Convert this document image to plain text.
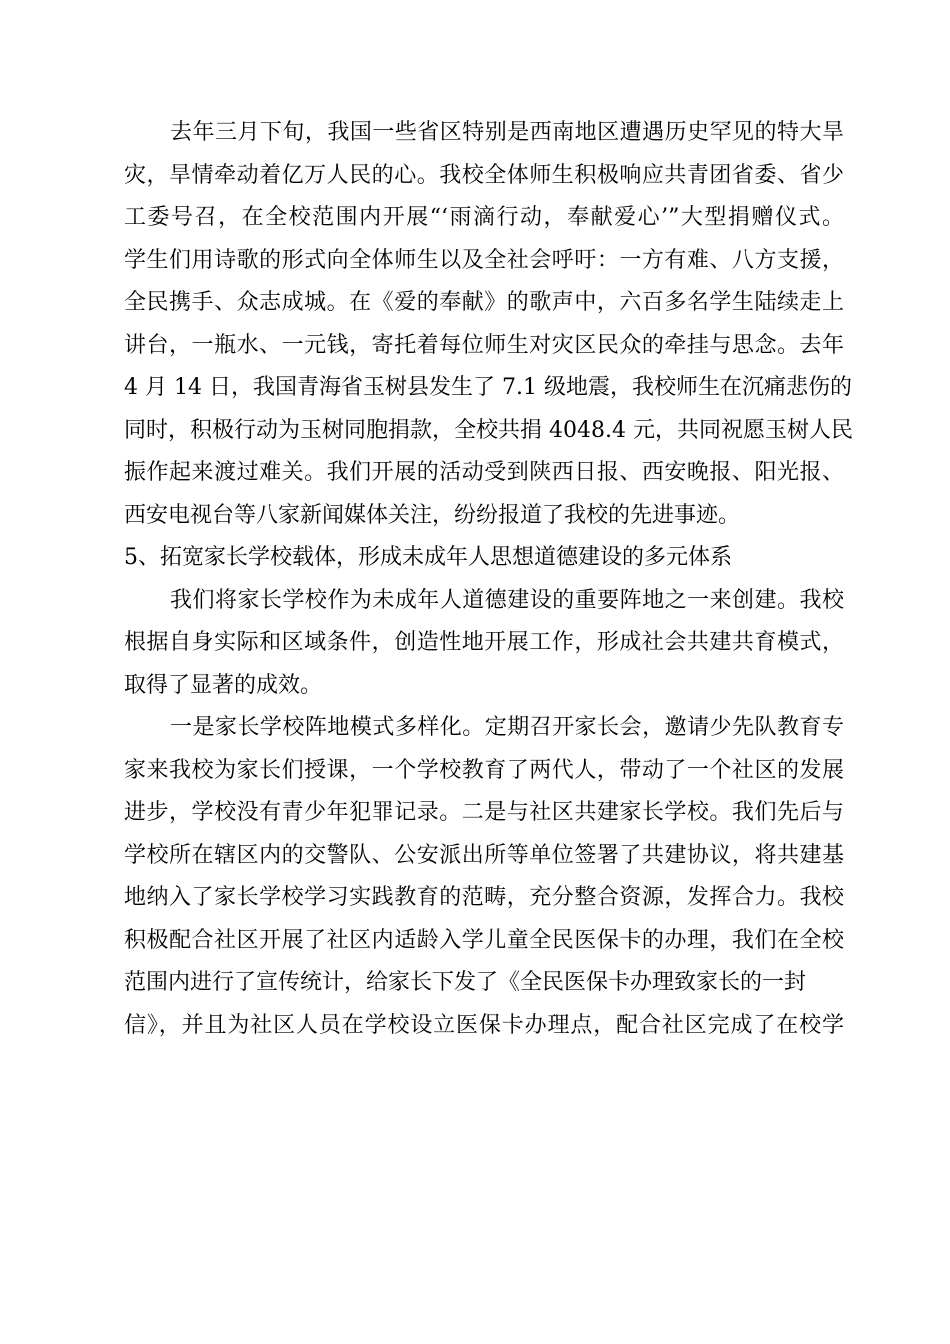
去年三月下旬，我国一些省区特别是西南地区遭遇历史罕见的特大旱
灾，旱情牵动着亿万人民的心。我校全体师生积极响应共青团省委、省少
工委号召，在全校范围内开展“‘雨滴行动，奉献爱心’”大型捐赠仪式。
学生们用诗歌的形式向全体师生以及全社会呼吁：一方有难、八方支援，
全民携手、众志成城。在《爱的奉献》的歌声中，六百多名学生陆续走上
讲台，一瓶水、一元钱，寄托着每位师生对灾区民众的牵挂与思念。去年
4 月 14 日，我国青海省玉树县发生了 7.1 级地震，我校师生在沉痛悲伤的
同时，积极行动为玉树同胞捐款，全校共捐 4048.4 元，共同祝愿玉树人民
振作起来渡过难关。我们开展的活动受到陕西日报、西安晚报、阳光报、
西安电视台等八家新闻媒体关注，纷纷报道了我校的先进事迹。
5、拓宽家长学校载体，形成未成年人思想道德建设的多元体系
我们将家长学校作为未成年人道德建设的重要阵地之一来创建。我校
根据自身实际和区域条件，创造性地开展工作，形成社会共建共育模式，
取得了显著的成效。
一是家长学校阵地模式多样化。定期召开家长会，邀请少先队教育专
家来我校为家长们授课，一个学校教育了两代人，带动了一个社区的发展
进步，学校没有青少年犯罪记录。二是与社区共建家长学校。我们先后与
学校所在辖区内的交警队、公安派出所等单位签署了共建协议，将共建基
地纳入了家长学校学习实践教育的范畴，充分整合资源，发挥合力。我校
积极配合社区开展了社区内适龄入学儿童全民医保卡的办理，我们在全校
范围内进行了宣传统计，给家长下发了《全民医保卡办理致家长的一封
信》，并且为社区人员在学校设立医保卡办理点，配合社区完成了在校学
